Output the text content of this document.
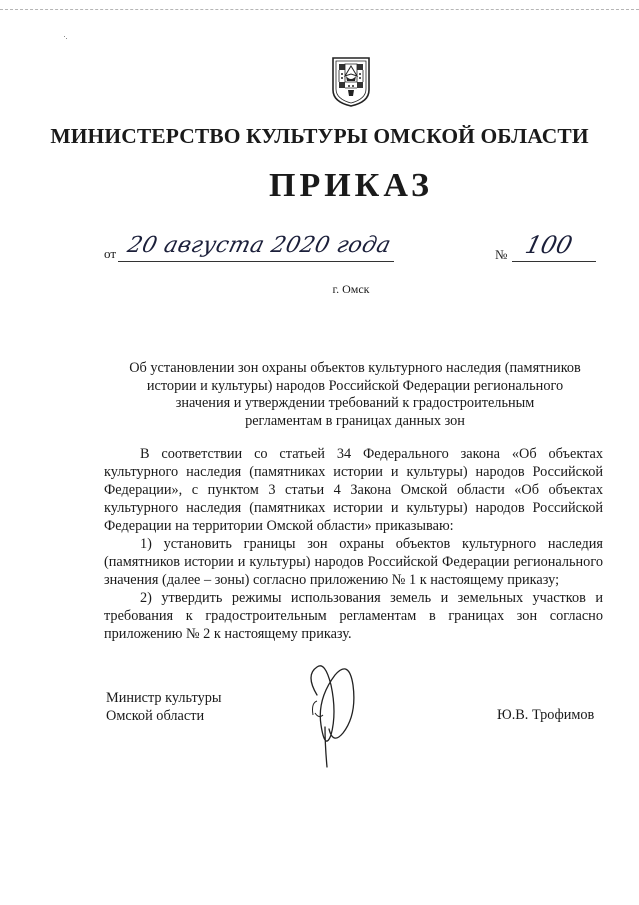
МИНИСТЕРСТВО КУЛЬТУРЫ ОМСКОЙ ОБЛАСТИ
ПРИКАЗ
от 20 августа 2020 года	№ 100
г. Омск
Об установлении зон охраны объектов культурного наследия (памятников
истории и культуры) народов Российской Федерации регионального
значения и утверждении требований к градостроительным
регламентам в границах данных зон

В соответствии со статьей 34 Федерального закона «Об объектах культурного наследия (памятниках истории и культуры) народов Российской Федерации», с пунктом 3 статьи 4 Закона Омской области «Об объектах культурного наследия (памятниках истории и культуры) народов Российской Федерации на территории Омской области» приказываю:

1) установить границы зон охраны объектов культурного наследия (памятников истории и культуры) народов Российской Федерации регионального значения (далее – зоны) согласно приложению № 1 к настоящему приказу;

2) утвердить режимы использования земель и земельных участков и требования к градостроительным регламентам в границах зон согласно приложению № 2 к настоящему приказу.

Министр культуры
Омской области	Ю.В. Трофимов
